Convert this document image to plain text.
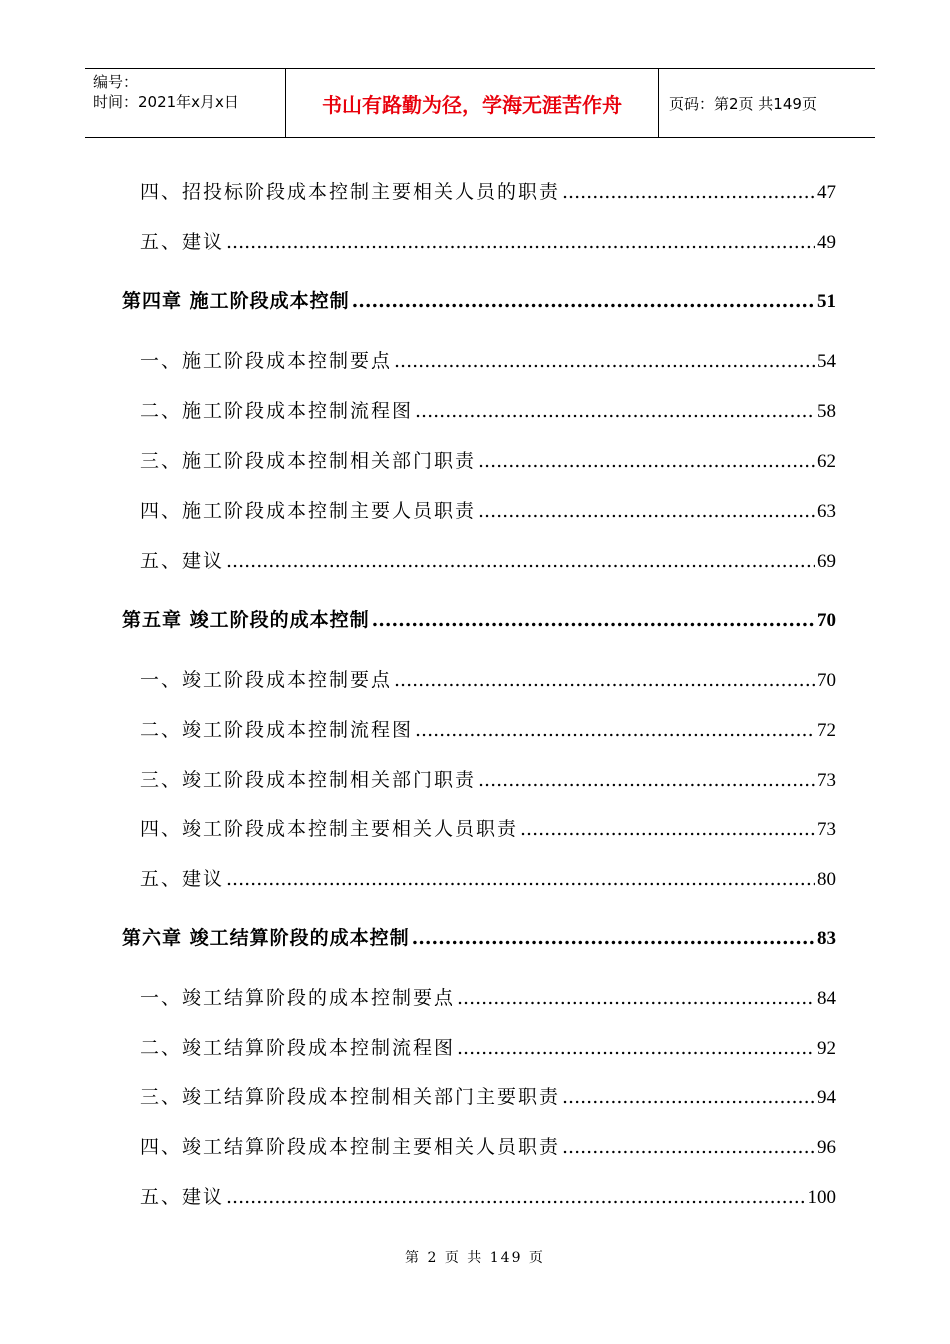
编号：
时间：2021年x月x日	书山有路勤为径，学海无涯苦作舟	页码：第2页 共149页
四、招投标阶段成本控制主要相关人员的职责 .....	47
五、建议 .....	49
第四章 施工阶段成本控制 .....	51
一、施工阶段成本控制要点 .....	54
二、施工阶段成本控制流程图 .....	58
三、施工阶段成本控制相关部门职责 .....	62
四、施工阶段成本控制主要人员职责 .....	63
五、建议 .....	69
第五章 竣工阶段的成本控制 .....	70
一、竣工阶段成本控制要点 .....	70
二、竣工阶段成本控制流程图 .....	72
三、竣工阶段成本控制相关部门职责 .....	73
四、竣工阶段成本控制主要相关人员职责 .....	73
五、建议 .....	80
第六章 竣工结算阶段的成本控制 .....	83
一、竣工结算阶段的成本控制要点 .....	84
二、竣工结算阶段成本控制流程图 .....	92
三、竣工结算阶段成本控制相关部门主要职责 .....	94
四、竣工结算阶段成本控制主要相关人员职责 .....	96
五、建议 .....	100
第 2 页 共 149 页
